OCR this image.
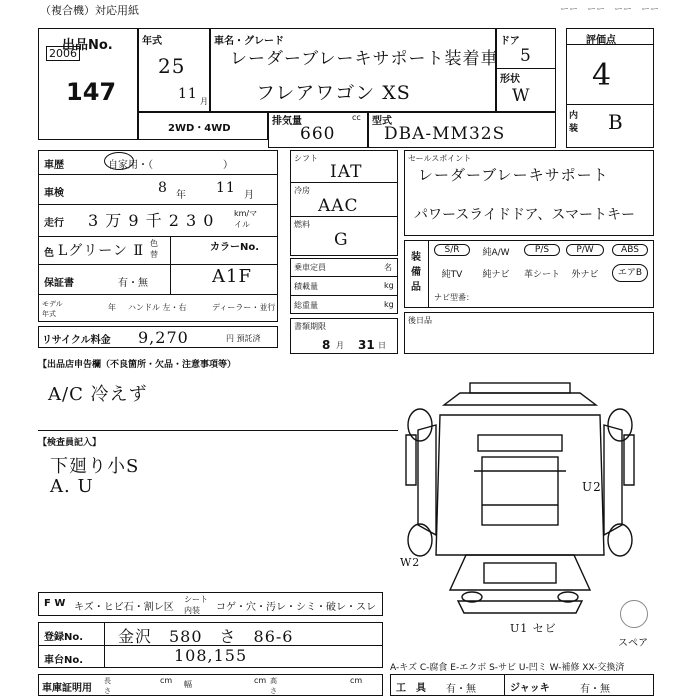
（複合機）対応用紙	ーー　ーー　ーー　ーー
出品No.
2006
147
年式
25
11 月
車名・グレード
レーダーブレーキサポート装着車
フレアワゴン XS
ドア
5
形状
W
評価点
4
内装 B
2WD・4WD
排気量	cc
660
型式
DBA-MM32S
車歴	自家用・（　　　　　　　）
車検	8 年 11 月
走行 3 万 9 千 2 3 0 km/マイル
色 Lグリーン Ⅱ 色替
カラーNo.
A1F
保証書	有・無
モデル年式
年 ハンドル 左・右	ディーラー・並行
リサイクル料金 9,270	円 預託済
シフト
IAT
冷房
AAC
燃料
G
乗車定員	名
積載量	kg
総重量	kg
書類期限
8 月 31 日
セールスポイント
レーダーブレーキサポート
パワースライドドア、スマートキー
装備品
S/R	純A/W	P/S	P/W	ABS
純TV	純ナビ	革シート	外ナビ	エアB
ナビ型番：
後日品
【出品店申告欄（不良箇所・欠品・注意事項等）
A/C 冷えず
【検査員記入】
下廻り小S
A. U	U2
W2
U1 セビ
スペア
F W キズ・ヒビ石・割レ区
シート内装	コゲ・穴・汚レ・シミ・破レ・スレ
登録No. 金沢　580　さ　86-6
車台No.	108,155
A-キズ C-腐食 E-エクボ S-サビ U-凹ミ W-補修 XX-交換済
車庫証明用
長さ
cm 幅	cm 高さ
cm
工　具 有・無	ジャッキ	有・無
